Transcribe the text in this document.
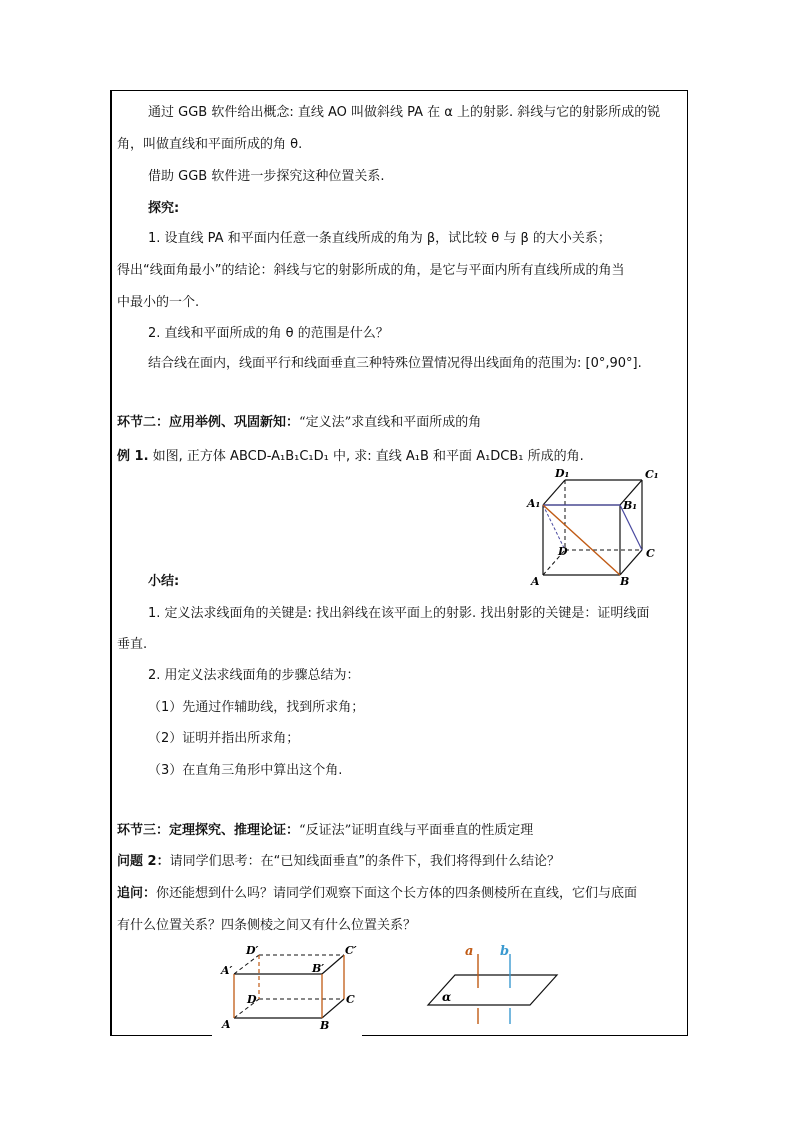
通过 GGB 软件给出概念: 直线 AO 叫做斜线 PA 在 α 上的射影. 斜线与它的射影所成的锐
角，叫做直线和平面所成的角 θ.
借助 GGB 软件进一步探究这种位置关系.
探究:
1. 设直线 PA 和平面内任意一条直线所成的角为 β，试比较 θ 与 β 的大小关系；
得出“线面角最小”的结论：斜线与它的射影所成的角，是它与平面内所有直线所成的角当
中最小的一个.
2. 直线和平面所成的角 θ 的范围是什么？
结合线在面内，线面平行和线面垂直三种特殊位置情况得出线面角的范围为: [0°,90°].
环节二：应用举例、巩固新知：“定义法”求直线和平面所成的角
例 1. 如图, 正方体 ABCD-A₁B₁C₁D₁ 中, 求: 直线 A₁B 和平面 A₁DCB₁ 所成的角.
D₁	C₁
A₁	B₁
D	C
A	B
小结:
1. 定义法求线面角的关键是: 找出斜线在该平面上的射影. 找出射影的关键是：证明线面
垂直.
2. 用定义法求线面角的步骤总结为：
（1）先通过作辅助线，找到所求角；
（2）证明并指出所求角；
（3）在直角三角形中算出这个角.
环节三：定理探究、推理论证：“反证法”证明直线与平面垂直的性质定理
问题 2：请同学们思考：在“已知线面垂直”的条件下，我们将得到什么结论？
追问：你还能想到什么吗？请同学们观察下面这个长方体的四条侧棱所在直线，它们与底面
有什么位置关系？四条侧棱之间又有什么位置关系？
D′	C′
A′	B′
D	C
A	B
a b
α
